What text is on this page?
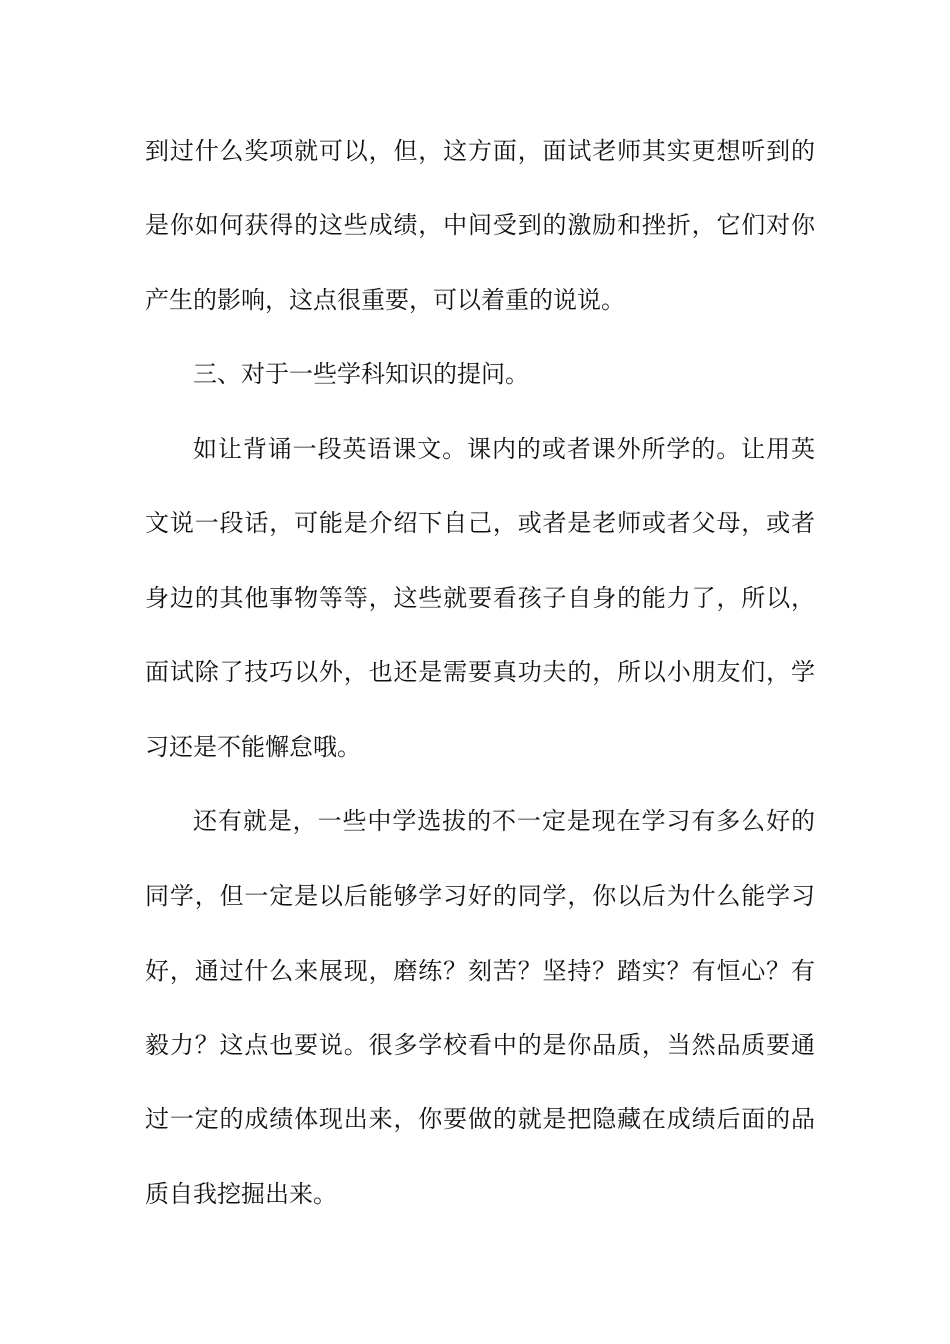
到过什么奖项就可以，但，这方面，面试老师其实更想听到的

是你如何获得的这些成绩，中间受到的激励和挫折，它们对你

产生的影响，这点很重要，可以着重的说说。

三、对于一些学科知识的提问。

如让背诵一段英语课文。课内的或者课外所学的。让用英

文说一段话，可能是介绍下自己，或者是老师或者父母，或者

身边的其他事物等等，这些就要看孩子自身的能力了，所以，

面试除了技巧以外，也还是需要真功夫的，所以小朋友们，学

习还是不能懈怠哦。

还有就是，一些中学选拔的不一定是现在学习有多么好的

同学，但一定是以后能够学习好的同学，你以后为什么能学习

好，通过什么来展现，磨练？刻苦？坚持？踏实？有恒心？有

毅力？这点也要说。很多学校看中的是你品质，当然品质要通

过一定的成绩体现出来，你要做的就是把隐藏在成绩后面的品

质自我挖掘出来。
